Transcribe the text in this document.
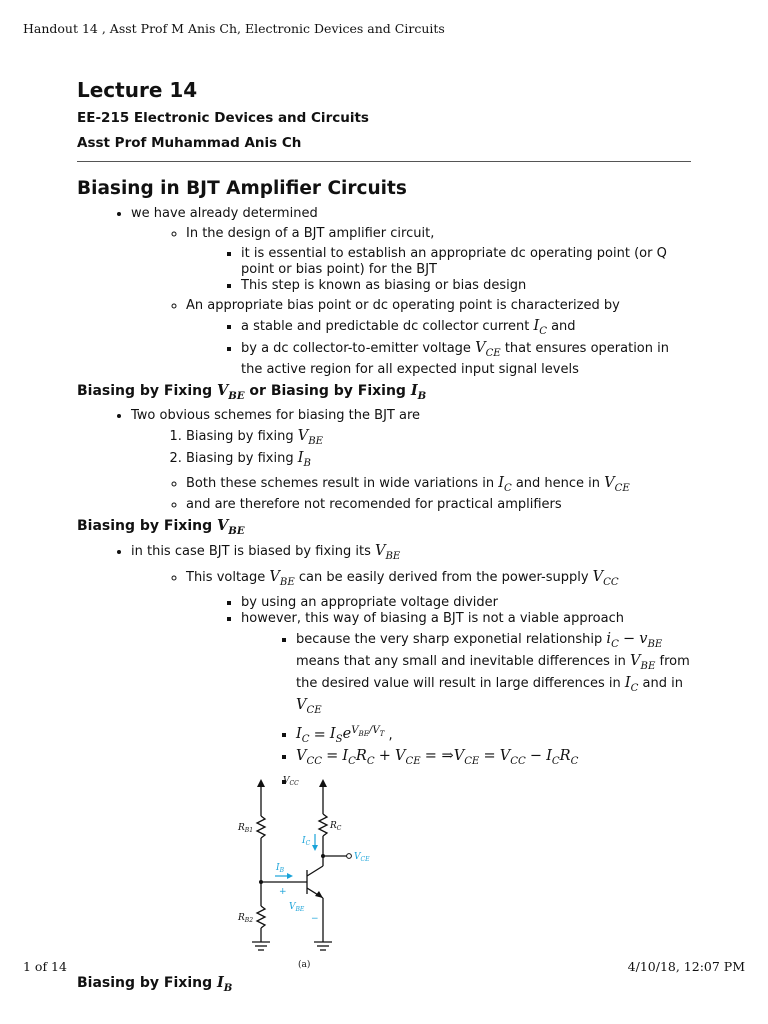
Handout 14 , Asst Prof M Anis Ch, Electronic Devices and Circuits
Lecture 14
EE-215 Electronic Devices and Circuits
Asst Prof Muhammad Anis Ch
Biasing in BJT Amplifier Circuits
• we have already determined
◦ In the design of a BJT amplifier circuit,
▪ it is essential to establish an appropriate dc operating point (or Q point or bias point) for the BJT
▪ This step is known as biasing or bias design
◦ An appropriate bias point or dc operating point is characterized by
▪ a stable and predictable dc collector current $I_C$ and
▪ by a dc collector-to-emitter voltage $V_{CE}$ that ensures operation in the active region for all expected input signal levels
Biasing by Fixing $V_{BE}$ or Biasing by Fixing $I_B$
• Two obvious schemes for biasing the BJT are
1. Biasing by fixing $V_{BE}$
2. Biasing by fixing $I_B$
◦ Both these schemes result in wide variations in $I_C$ and hence in $V_{CE}$
◦ and are therefore not recomended for practical amplifiers
Biasing by Fixing $V_{BE}$
• in this case BJT is biased by fixing its $V_{BE}$
◦ This voltage $V_{BE}$ can be easily derived from the power-supply $V_{CC}$
▪ by using an appropriate voltage divider
▪ however, this way of biasing a BJT is not a viable approach
▪ because the very sharp exponetial relationship $i_C - v_{BE}$ means that any small and inevitable differences in $V_{BE}$ from the desired value will result in large differences in $I_C$ and in $V_{CE}$
▪ $I_C = I_Se^{V_{BE}/V_T}$ ,
▪ $V_{CC} = I_CR_C + V_{CE}$ = $\Rightarrow V_{CE} = V_{CC} - I_CR_C$
▪ $V_{CC}$
$R_{B1}$
$R_{B2}$
$R_C$
(a)
$I_C$
$I_B$
$V_{CE}$
$V_{BE}$
+
−
Biasing by Fixing $I_B$
1 of 14	4/10/18, 12:07 PM
